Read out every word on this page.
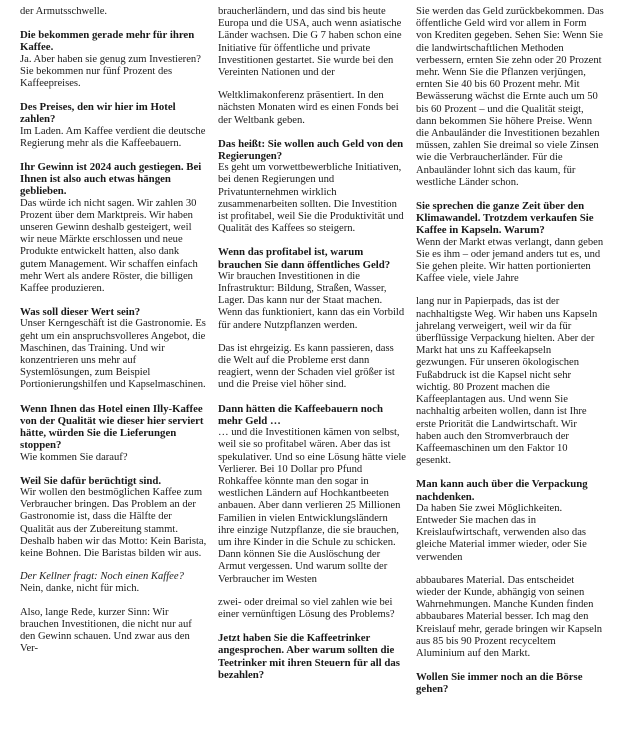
der Armutsschwelle.

Die bekommen gerade mehr für ihren Kaffee.
Ja. Aber haben sie genug zum Investieren? Sie bekommen nur fünf Prozent des Kaffeepreises.
Des Preises, den wir hier im Hotel zahlen?
Im Laden. Am Kaffee verdient die deutsche Regierung mehr als die Kaffeebauern.
Ihr Gewinn ist 2024 auch gestiegen. Bei Ihnen ist also auch etwas hängen geblieben.
Das würde ich nicht sagen. Wir zahlen 30 Prozent über dem Marktpreis. Wir haben unseren Gewinn deshalb gesteigert, weil wir neue Märkte erschlossen und neue Produkte entwickelt hatten, also dank gutem Management. Wir schaffen einfach mehr Wert als andere Röster, die billigen Kaffee produzieren.
Was soll dieser Wert sein?
Unser Kerngeschäft ist die Gastronomie. Es geht um ein anspruchsvolleres Angebot, die Maschinen, das Training. Und wir konzentrieren uns mehr auf Systemlösungen, zum Beispiel Portionierungshilfen und Kapselmaschinen.
Wenn Ihnen das Hotel einen Illy-Kaffee von der Qualität wie dieser hier serviert hätte, würden Sie die Lieferungen stoppen?
Wie kommen Sie darauf?
Weil Sie dafür berüchtigt sind.
Wir wollen den bestmöglichen Kaffee zum Verbraucher bringen. Das Problem an der Gastronomie ist, dass die Hälfte der Qualität aus der Zubereitung stammt. Deshalb haben wir das Motto: Kein Barista, keine Bohnen. Die Baristas bilden wir aus.
Der Kellner fragt: Noch einen Kaffee?
Nein, danke, nicht für mich.

Also, lange Rede, kurzer Sinn: Wir brauchen Investitionen, die nicht nur auf den Gewinn schauen. Und zwar aus den Ver-

braucherländern, und das sind bis heute Europa und die USA, auch wenn asiatische Länder wachsen. Die G 7 haben schon eine Initiative für öffentliche und private Investitionen gestartet. Sie wurde bei den Vereinten Nationen und der

Weltklimakonferenz präsentiert. In den nächsten Monaten wird es einen Fonds bei der Weltbank geben.

Das heißt: Sie wollen auch Geld von den Regierungen?
Es geht um vorwettbewerbliche Initiativen, bei denen Regierungen und Privatunternehmen wirklich zusammenarbeiten sollten. Die Investition ist profitabel, weil Sie die Produktivität und Qualität des Kaffees so steigern.
Wenn das profitabel ist, warum brauchen Sie dann öffentliches Geld?
Wir brauchen Investitionen in die Infrastruktur: Bildung, Straßen, Wasser, Lager. Das kann nur der Staat machen. Wenn das funktioniert, kann das ein Vorbild für andere Nutzpflanzen werden.

Das ist ehrgeizig. Es kann passieren, dass die Welt auf die Probleme erst dann reagiert, wenn der Schaden viel größer ist und die Preise viel höher sind.

Dann hätten die Kaffeebauern noch mehr Geld …
… und die Investitionen kämen von selbst, weil sie so profitabel wären. Aber das ist spekulativer. Und so eine Lösung hätte viele Verlierer. Bei 10 Dollar pro Pfund Rohkaffee könnte man den sogar in westlichen Ländern auf Hochkantbeeten anbauen. Aber dann verlieren 25 Millionen Familien in vielen Entwicklungsländern ihre einzige Nutzpflanze, die sie brauchen, um ihre Kinder in die Schule zu schicken. Dann können Sie die Auslöschung der Armut vergessen. Und warum sollte der Verbraucher im Westen

zwei- oder dreimal so viel zahlen wie bei einer vernünftigen Lösung des Problems?

Jetzt haben Sie die Kaffeetrinker angesprochen. Aber warum sollten die Teetrinker mit ihren Steuern für all das bezahlen?

Sie werden das Geld zurückbekommen. Das öffentliche Geld wird vor allem in Form von Krediten gegeben. Sehen Sie: Wenn Sie die landwirtschaftlichen Methoden verbessern, ernten Sie zehn oder 20 Prozent mehr. Wenn Sie die Pflanzen verjüngen, ernten Sie 40 bis 60 Prozent mehr. Mit Bewässerung wächst die Ernte auch um 50 bis 60 Prozent – und die Qualität steigt, dann bekommen Sie höhere Preise. Wenn die Anbauländer die Investitionen bezahlen müssen, zahlen Sie dreimal so viele Zinsen wie die Verbraucherländer. Für die Anbauländer lohnt sich das kaum, für westliche Länder schon.

Sie sprechen die ganze Zeit über den Klimawandel. Trotzdem verkaufen Sie Kaffee in Kapseln. Warum?
Wenn der Markt etwas verlangt, dann geben Sie es ihm – oder jemand anders tut es, und Sie gehen pleite. Wir hatten portionierten Kaffee viele, viele Jahre

lang nur in Papierpads, das ist der nachhaltigste Weg. Wir haben uns Kapseln jahrelang verweigert, weil wir da für überflüssige Verpackung hielten. Aber der Markt hat uns zu Kaffeekapseln gezwungen. Für unseren ökologischen Fußabdruck ist die Kapsel nicht sehr wichtig. 80 Prozent machen die Kaffeeplantagen aus. Und wenn Sie nachhaltig arbeiten wollen, dann ist Ihre erste Priorität die Landwirtschaft. Wir haben auch den Stromverbrauch der Kaffeemaschinen um den Faktor 10 gesenkt.

Man kann auch über die Verpackung nachdenken.
Da haben Sie zwei Möglichkeiten. Entweder Sie machen das in Kreislaufwirtschaft, verwenden also das gleiche Material immer wieder, oder Sie verwenden

abbaubares Material. Das entscheidet wieder der Kunde, abhängig von seinen Wahrnehmungen. Manche Kunden finden abbaubares Material besser. Ich mag den Kreislauf mehr, gerade bringen wir Kapseln aus 85 bis 90 Prozent recyceltem Aluminium auf den Markt.

Wollen Sie immer noch an die Börse gehen?
